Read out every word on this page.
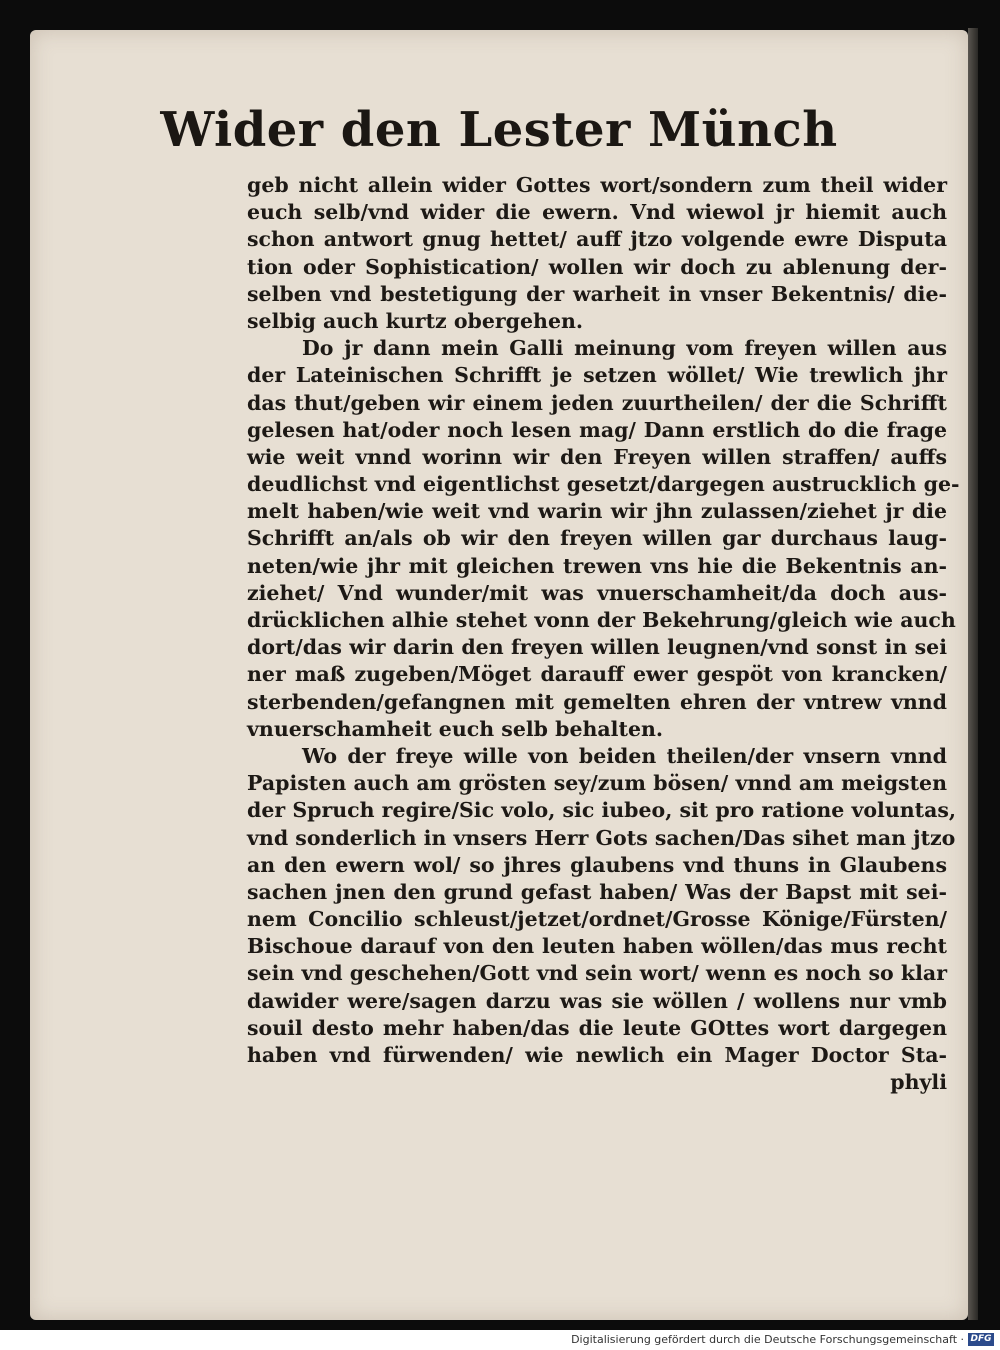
Wider den Lester Münch
geb nicht allein wider Gottes wort/sondern zum theil wider
euch selb/vnd wider die ewern. Vnd wiewol jr hiemit auch
schon antwort gnug hettet/ auff jtzo volgende ewre Disputa
tion oder Sophistication/ wollen wir doch zu ablenung der-
selben vnd bestetigung der warheit in vnser Bekentnis/ die-
selbig auch kurtz obergehen.
Do jr dann mein Galli meinung vom freyen willen aus
der Lateinischen Schrifft je setzen wöllet/ Wie trewlich jhr
das thut/geben wir einem jeden zuurtheilen/ der die Schrifft
gelesen hat/oder noch lesen mag/ Dann erstlich do die frage
wie weit vnnd worinn wir den Freyen willen straffen/ auffs
deudlichst vnd eigentlichst gesetzt/dargegen austrucklich ge-
melt haben/wie weit vnd warin wir jhn zulassen/ziehet jr die
Schrifft an/als ob wir den freyen willen gar durchaus laug-
neten/wie jhr mit gleichen trewen vns hie die Bekentnis an-
ziehet/ Vnd wunder/mit was vnuerschamheit/da doch aus-
drücklichen alhie stehet vonn der Bekehrung/gleich wie auch
dort/das wir darin den freyen willen leugnen/vnd sonst in sei
ner maß zugeben/Möget darauff ewer gespöt von krancken/
sterbenden/gefangnen mit gemelten ehren der vntrew vnnd
vnuerschamheit euch selb behalten.
Wo der freye wille von beiden theilen/der vnsern vnnd
Papisten auch am grösten sey/zum bösen/ vnnd am meigsten
der Spruch regire/Sic volo, sic iubeo, sit pro ratione voluntas,
vnd sonderlich in vnsers Herr Gots sachen/Das sihet man jtzo
an den ewern wol/ so jhres glaubens vnd thuns in Glaubens
sachen jnen den grund gefast haben/ Was der Bapst mit sei-
nem Concilio schleust/jetzet/ordnet/Grosse Könige/Fürsten/
Bischoue darauf von den leuten haben wöllen/das mus recht
sein vnd geschehen/Gott vnd sein wort/ wenn es noch so klar
dawider were/sagen darzu was sie wöllen / wollens nur vmb
souil desto mehr haben/das die leute GOttes wort dargegen
haben vnd fürwenden/ wie newlich ein Mager Doctor Sta-
phyli
Digitalisierung gefördert durch die Deutsche Forschungsgemeinschaft · DFG
